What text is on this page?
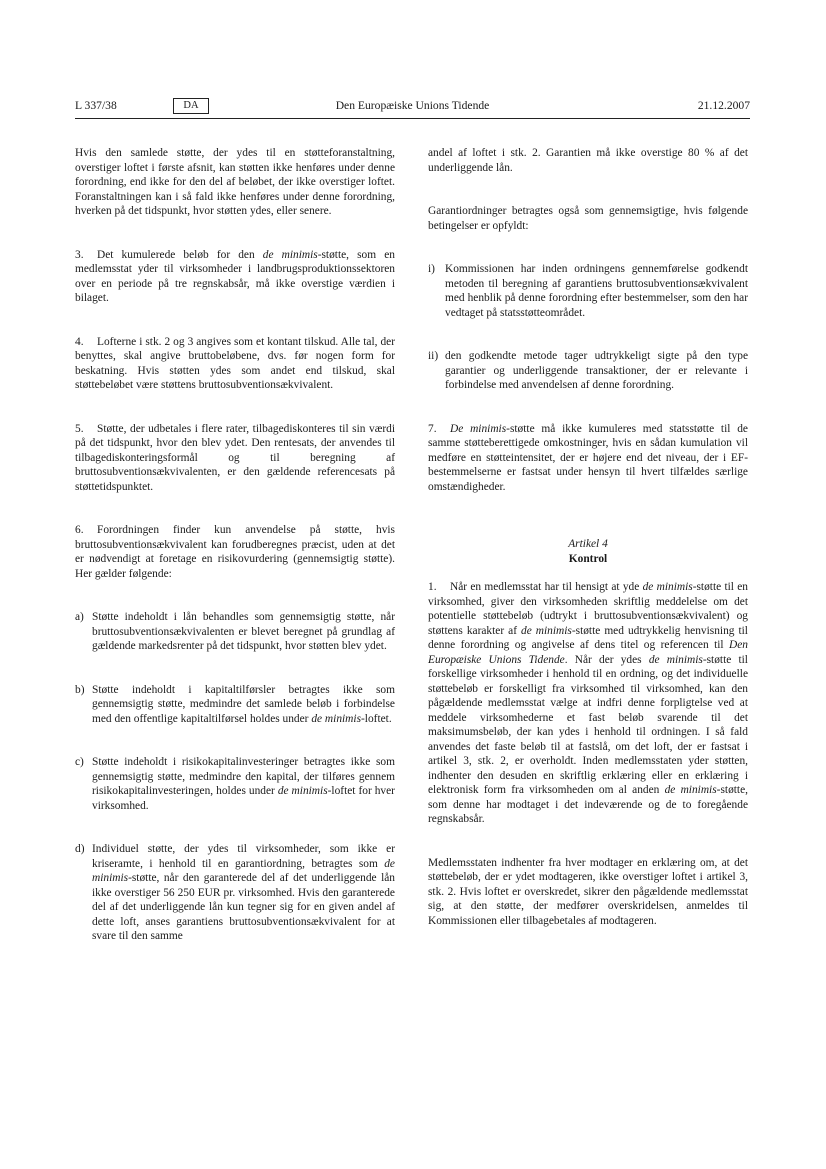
L 337/38	DA	Den Europæiske Unions Tidende	21.12.2007

Hvis den samlede støtte, der ydes til en støtteforanstaltning, overstiger loftet i første afsnit, kan støtten ikke henføres under denne forordning, end ikke for den del af beløbet, der ikke overstiger loftet. Foranstaltningen kan i så fald ikke henføres under denne forordning, hverken på det tidspunkt, hvor støtten ydes, eller senere.

3. Det kumulerede beløb for den de minimis-støtte, som en medlemsstat yder til virksomheder i landbrugsproduktionssektoren over en periode på tre regnskabsår, må ikke overstige værdien i bilaget.

4. Lofterne i stk. 2 og 3 angives som et kontant tilskud. Alle tal, der benyttes, skal angive bruttobeløbene, dvs. før nogen form for beskatning. Hvis støtten ydes som andet end tilskud, skal støttebeløbet være støttens bruttosubventionsækvivalent.

5. Støtte, der udbetales i flere rater, tilbagediskonteres til sin værdi på det tidspunkt, hvor den blev ydet. Den rentesats, der anvendes til tilbagediskonteringsformål og til beregning af bruttosubventionsækvivalenten, er den gældende referencesats på støttetidspunktet.

6. Forordningen finder kun anvendelse på støtte, hvis bruttosubventionsækvivalent kan forudberegnes præcist, uden at det er nødvendigt at foretage en risikovurdering (gennemsigtig støtte). Her gælder følgende:

a) Støtte indeholdt i lån behandles som gennemsigtig støtte, når bruttosubventionsækvivalenten er blevet beregnet på grundlag af gældende markedsrenter på det tidspunkt, hvor støtten blev ydet.
b) Støtte indeholdt i kapitaltilførsler betragtes ikke som gennemsigtig støtte, medmindre det samlede beløb i forbindelse med den offentlige kapitaltilførsel holdes under de minimis-loftet.
c) Støtte indeholdt i risikokapitalinvesteringer betragtes ikke som gennemsigtig støtte, medmindre den kapital, der tilføres gennem risikokapitalinvesteringen, holdes under de minimis-loftet for hver virksomhed.
d) Individuel støtte, der ydes til virksomheder, som ikke er kriseramte, i henhold til en garantiordning, betragtes som de minimis-støtte, når den garanterede del af det underliggende lån ikke overstiger 56 250 EUR pr. virksomhed. Hvis den garanterede del af det underliggende lån kun tegner sig for en given andel af dette loft, anses garantiens bruttosubventionsækvivalent for at svare til den samme

andel af loftet i stk. 2. Garantien må ikke overstige 80 % af det underliggende lån.

Garantiordninger betragtes også som gennemsigtige, hvis følgende betingelser er opfyldt:

i) Kommissionen har inden ordningens gennemførelse godkendt metoden til beregning af garantiens bruttosubventionsækvivalent med henblik på denne forordning efter bestemmelser, som den har vedtaget på statsstøtteområdet.
ii) den godkendte metode tager udtrykkeligt sigte på den type garantier og underliggende transaktioner, der er relevante i forbindelse med anvendelsen af denne forordning.

7. De minimis-støtte må ikke kumuleres med statsstøtte til de samme støtteberettigede omkostninger, hvis en sådan kumulation vil medføre en støtteintensitet, der er højere end det niveau, der i EF-bestemmelserne er fastsat under hensyn til hvert tilfældes særlige omstændigheder.

Artikel 4

Kontrol

1. Når en medlemsstat har til hensigt at yde de minimis-støtte til en virksomhed, giver den virksomheden skriftlig meddelelse om det potentielle støttebeløb (udtrykt i bruttosubventionsækvivalent) og støttens karakter af de minimis-støtte med udtrykkelig henvisning til denne forordning og angivelse af dens titel og referencen til Den Europæiske Unions Tidende. Når der ydes de minimis-støtte til forskellige virksomheder i henhold til en ordning, og det individuelle støttebeløb er forskelligt fra virksomhed til virksomhed, kan den pågældende medlemsstat vælge at indfri denne forpligtelse ved at meddele virksomhederne et fast beløb svarende til det maksimumsbeløb, der kan ydes i henhold til ordningen. I så fald anvendes det faste beløb til at fastslå, om det loft, der er fastsat i artikel 3, stk. 2, er overholdt. Inden medlemsstaten yder støtten, indhenter den desuden en skriftlig erklæring eller en erklæring i elektronisk form fra virksomheden om al anden de minimis-støtte, som denne har modtaget i det indeværende og de to foregående regnskabsår.

Medlemsstaten indhenter fra hver modtager en erklæring om, at det støttebeløb, der er ydet modtageren, ikke overstiger loftet i artikel 3, stk. 2. Hvis loftet er overskredet, sikrer den pågældende medlemsstat sig, at den støtte, der medfører overskridelsen, anmeldes til Kommissionen eller tilbagebetales af modtageren.
